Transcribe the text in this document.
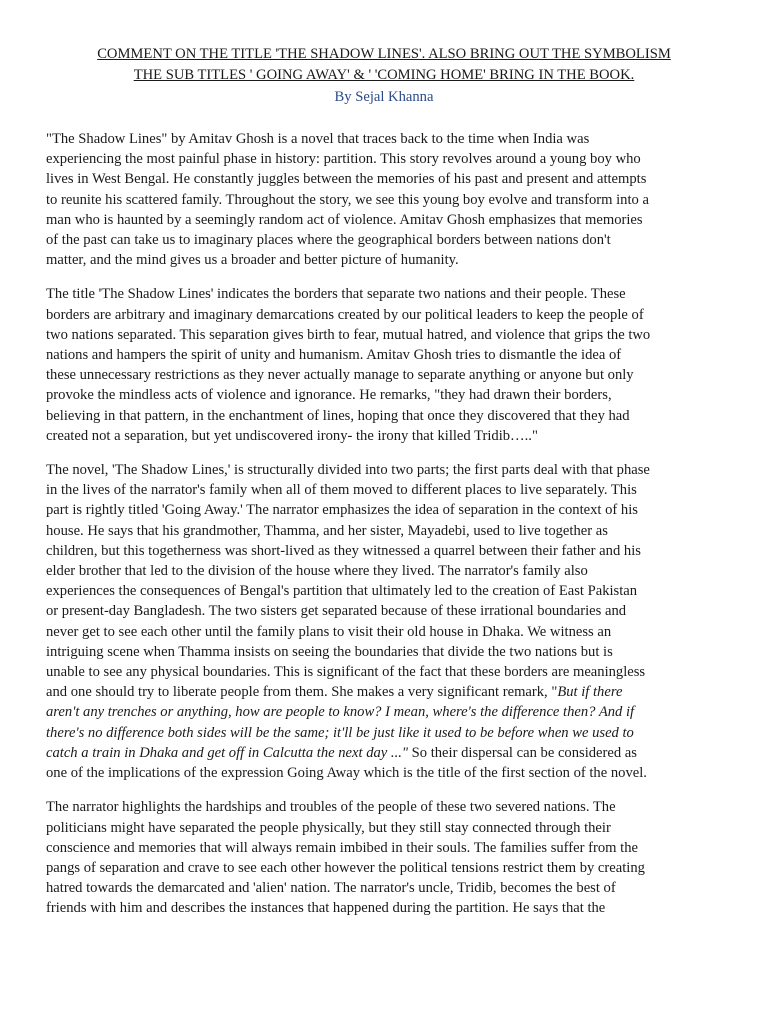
COMMENT ON THE TITLE 'THE SHADOW LINES'. ALSO BRING OUT THE SYMBOLISM
THE SUB TITLES ' GOING AWAY' & ' 'COMING HOME' BRING IN THE BOOK.
By Sejal Khanna

"The Shadow Lines" by Amitav Ghosh is a novel that traces back to the time when India was
experiencing the most painful phase in history: partition. This story revolves around a young boy who
lives in West Bengal. He constantly juggles between the memories of his past and present and attempts
to reunite his scattered family. Throughout the story, we see this young boy evolve and transform into a
man who is haunted by a seemingly random act of violence. Amitav Ghosh emphasizes that memories
of the past can take us to imaginary places where the geographical borders between nations don't
matter, and the mind gives us a broader and better picture of humanity.

The title 'The Shadow Lines' indicates the borders that separate two nations and their people. These
borders are arbitrary and imaginary demarcations created by our political leaders to keep the people of
two nations separated. This separation gives birth to fear, mutual hatred, and violence that grips the two
nations and hampers the spirit of unity and humanism. Amitav Ghosh tries to dismantle the idea of
these unnecessary restrictions as they never actually manage to separate anything or anyone but only
provoke the mindless acts of violence and ignorance. He remarks, "they had drawn their borders,
believing in that pattern, in the enchantment of lines, hoping that once they discovered that they had
created not a separation, but yet undiscovered irony- the irony that killed Tridib….."

The novel, 'The Shadow Lines,' is structurally divided into two parts; the first parts deal with that phase
in the lives of the narrator's family when all of them moved to different places to live separately. This
part is rightly titled 'Going Away.' The narrator emphasizes the idea of separation in the context of his
house. He says that his grandmother, Thamma, and her sister, Mayadebi, used to live together as
children, but this togetherness was short-lived as they witnessed a quarrel between their father and his
elder brother that led to the division of the house where they lived. The narrator's family also
experiences the consequences of Bengal's partition that ultimately led to the creation of East Pakistan
or present-day Bangladesh. The two sisters get separated because of these irrational boundaries and
never get to see each other until the family plans to visit their old house in Dhaka. We witness an
intriguing scene when Thamma insists on seeing the boundaries that divide the two nations but is
unable to see any physical boundaries. This is significant of the fact that these borders are meaningless
and one should try to liberate people from them. She makes a very significant remark, "But if there
aren't any trenches or anything, how are people to know? I mean, where's the difference then? And if
there's no difference both sides will be the same; it'll be just like it used to be before when we used to
catch a train in Dhaka and get off in Calcutta the next day ..." So their dispersal can be considered as
one of the implications of the expression Going Away which is the title of the first section of the novel.

The narrator highlights the hardships and troubles of the people of these two severed nations. The
politicians might have separated the people physically, but they still stay connected through their
conscience and memories that will always remain imbibed in their souls. The families suffer from the
pangs of separation and crave to see each other however the political tensions restrict them by creating
hatred towards the demarcated and 'alien' nation. The narrator's uncle, Tridib, becomes the best of
friends with him and describes the instances that happened during the partition. He says that the
